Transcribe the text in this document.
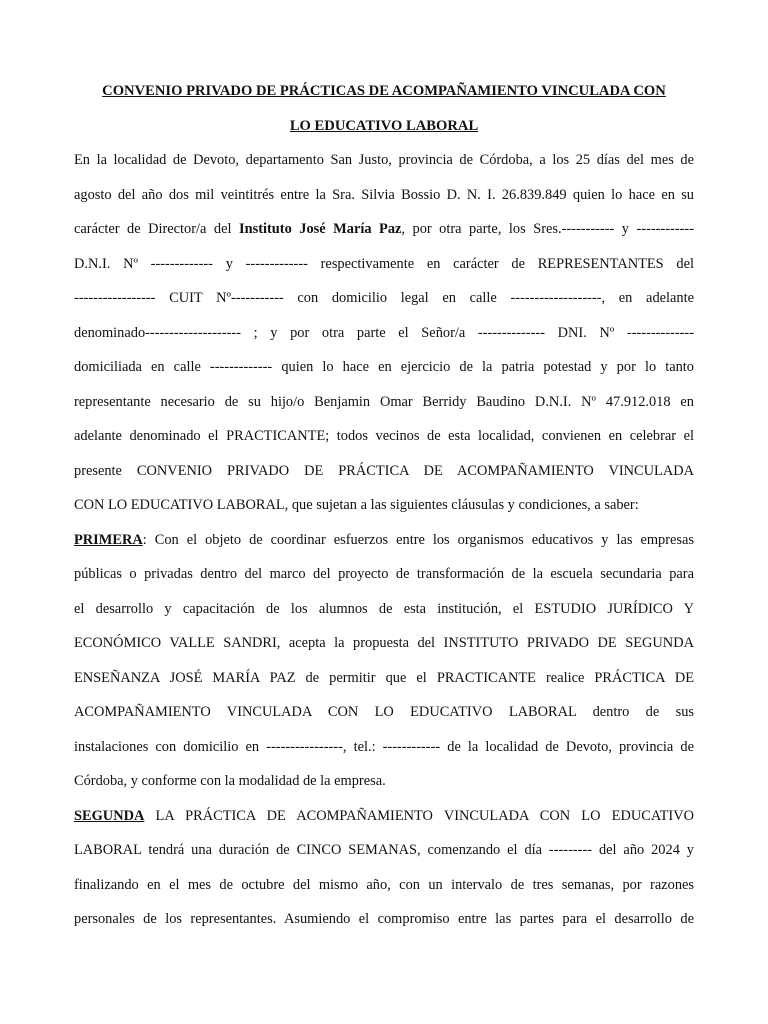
CONVENIO PRIVADO DE PRÁCTICAS DE ACOMPAÑAMIENTO VINCULADA CON

LO EDUCATIVO LABORAL

En la localidad de Devoto, departamento San Justo, provincia de Córdoba, a los 25 días del mes de
agosto del año dos mil veintitrés entre la Sra. Silvia Bossio D. N. I. 26.839.849 quien lo hace en su
carácter de Director/a del Instituto José María Paz, por otra parte, los Sres.----------- y ------------
D.N.I. Nº ------------- y ------------- respectivamente en carácter de REPRESENTANTES del
----------------- CUIT Nº----------- con domicilio legal en calle -------------------, en adelante
denominado-------------------- ; y por otra parte el Señor/a -------------- DNI. Nº --------------
domiciliada en calle ------------- quien lo hace en ejercicio de la patria potestad y por lo tanto
representante necesario de su hijo/o Benjamin Omar Berridy Baudino D.N.I. Nº 47.912.018 en
adelante denominado el PRACTICANTE; todos vecinos de esta localidad, convienen en celebrar el
presente CONVENIO PRIVADO DE PRÁCTICA DE ACOMPAÑAMIENTO VINCULADA
CON LO EDUCATIVO LABORAL, que sujetan a las siguientes cláusulas y condiciones, a saber:
PRIMERA: Con el objeto de coordinar esfuerzos entre los organismos educativos y las empresas
públicas o privadas dentro del marco del proyecto de transformación de la escuela secundaria para
el desarrollo y capacitación de los alumnos de esta institución, el ESTUDIO JURÍDICO Y
ECONÓMICO VALLE SANDRI, acepta la propuesta del INSTITUTO PRIVADO DE SEGUNDA
ENSEÑANZA JOSÉ MARÍA PAZ de permitir que el PRACTICANTE realice PRÁCTICA DE
ACOMPAÑAMIENTO VINCULADA CON LO EDUCATIVO LABORAL dentro de sus
instalaciones con domicilio en ----------------, tel.: ------------ de la localidad de Devoto, provincia de
Córdoba, y conforme con la modalidad de la empresa.
SEGUNDA LA PRÁCTICA DE ACOMPAÑAMIENTO VINCULADA CON LO EDUCATIVO
LABORAL tendrá una duración de CINCO SEMANAS, comenzando el día --------- del año 2024 y
finalizando en el mes de octubre del mismo año, con un intervalo de tres semanas, por razones
personales de los representantes. Asumiendo el compromiso entre las partes para el desarrollo de
